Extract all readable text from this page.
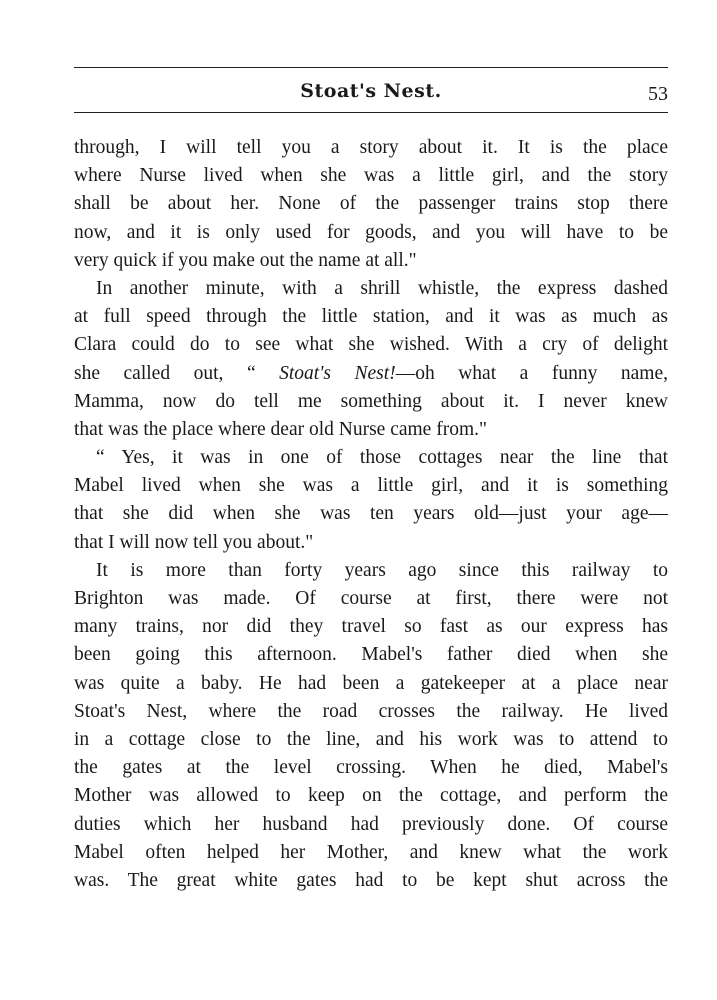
Stoat's Nest.	53
through, I will tell you a story about it. It is the place
where Nurse lived when she was a little girl, and the story
shall be about her. None of the passenger trains stop there
now, and it is only used for goods, and you will have to be
very quick if you make out the name at all."
In another minute, with a shrill whistle, the express dashed
at full speed through the little station, and it was as much as
Clara could do to see what she wished. With a cry of delight
she called out, “ Stoat's Nest!—oh what a funny name,
Mamma, now do tell me something about it. I never knew
that was the place where dear old Nurse came from."
“ Yes, it was in one of those cottages near the line that
Mabel lived when she was a little girl, and it is something
that she did when she was ten years old—just your age—
that I will now tell you about."
It is more than forty years ago since this railway to
Brighton was made. Of course at first, there were not
many trains, nor did they travel so fast as our express has
been going this afternoon. Mabel's father died when she
was quite a baby. He had been a gatekeeper at a place near
Stoat's Nest, where the road crosses the railway. He lived
in a cottage close to the line, and his work was to attend to
the gates at the level crossing. When he died, Mabel's
Mother was allowed to keep on the cottage, and perform the
duties which her husband had previously done. Of course
Mabel often helped her Mother, and knew what the work
was. The great white gates had to be kept shut across the
